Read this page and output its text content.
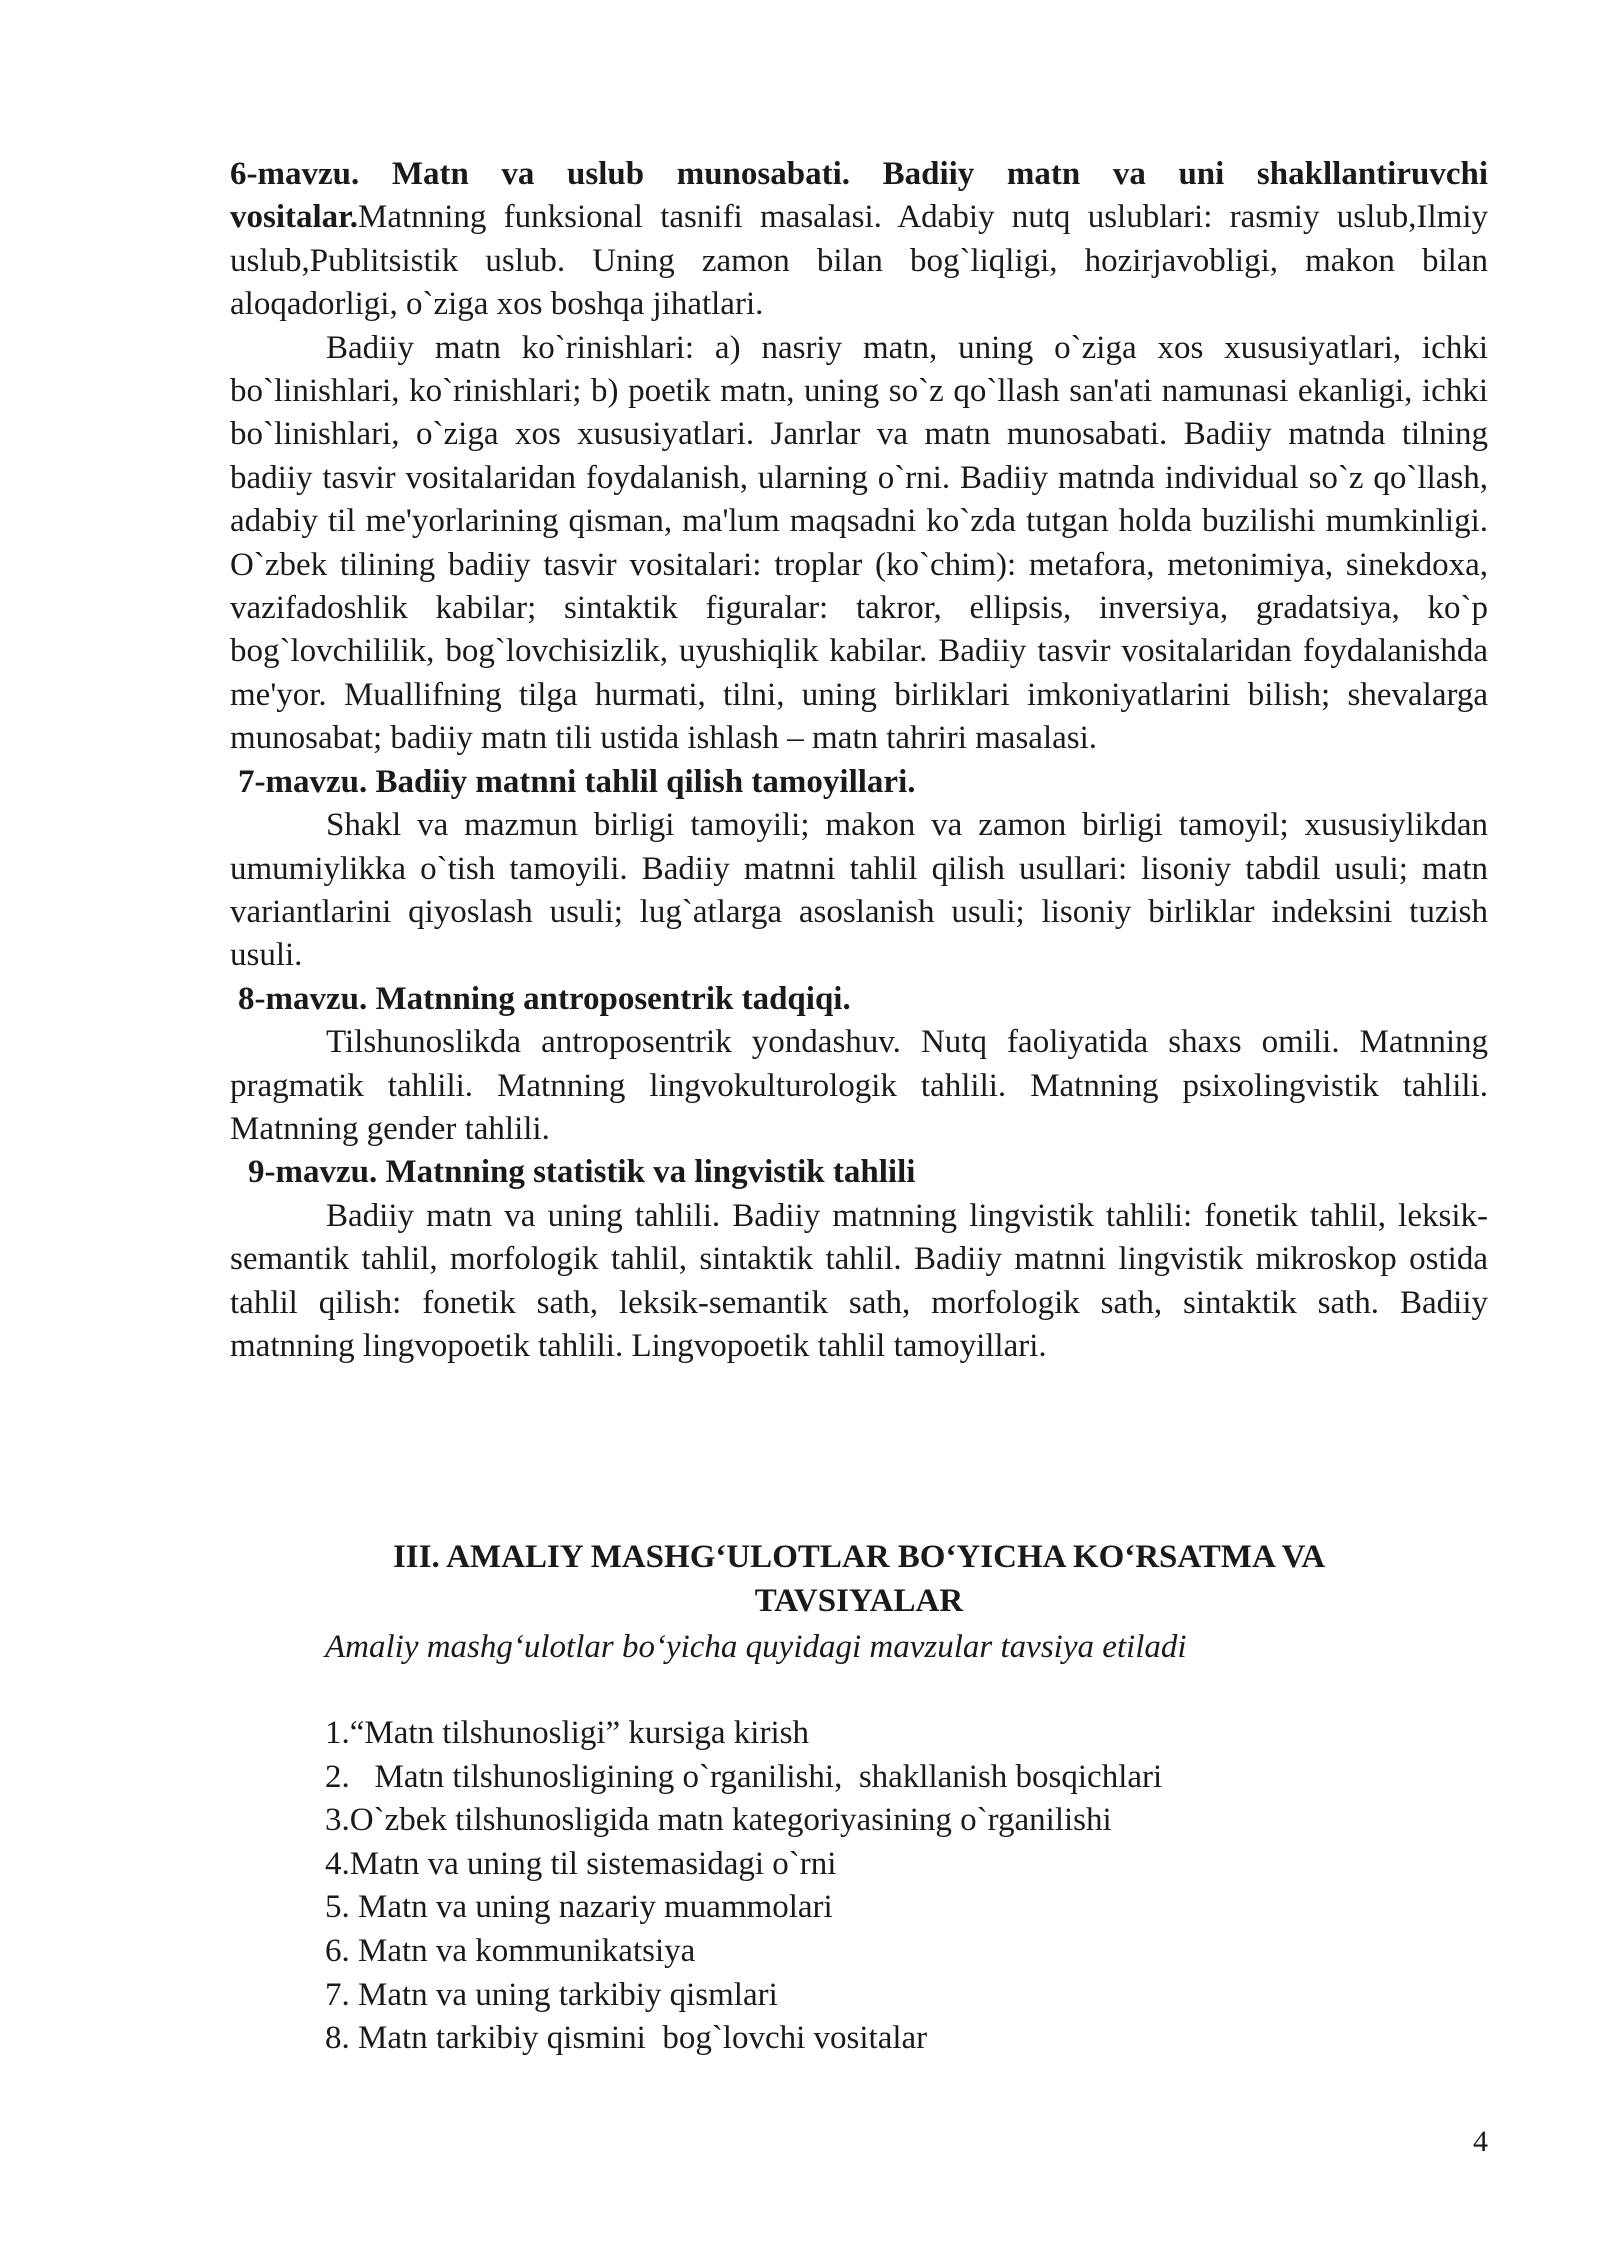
6-mavzu. Matn va uslub munosabati. Badiiy matn va uni shakllantiruvchi vositalar.Matnning funksional tasnifi masalasi. Adabiy nutq uslublari: rasmiy uslub,Ilmiy uslub,Publitsistik uslub. Uning zamon bilan bog`liqligi, hozirjavobligi, makon bilan aloqadorligi, o`ziga xos boshqa jihatlari.

Badiiy matn ko`rinishlari: a) nasriy matn, uning o`ziga xos xususiyatlari, ichki bo`linishlari, ko`rinishlari; b) poetik matn, uning so`z qo`llash san'ati namunasi ekanligi, ichki bo`linishlari, o`ziga xos xususiyatlari. Janrlar va matn munosabati. Badiiy matnda tilning badiiy tasvir vositalaridan foydalanish, ularning o`rni. Badiiy matnda individual so`z qo`llash, adabiy til me'yorlarining qisman, ma'lum maqsadni ko`zda tutgan holda buzilishi mumkinligi. O`zbek tilining badiiy tasvir vositalari: troplar (ko`chim): metafora, metonimiya, sinekdoxa, vazifadoshlik kabilar; sintaktik figuralar: takror, ellipsis, inversiya, gradatsiya, ko`p bog`lovchililik, bog`lovchisizlik, uyushiqlik kabilar. Badiiy tasvir vositalaridan foydalanishda me'yor. Muallifning tilga hurmati, tilni, uning birliklari imkoniyatlarini bilish; shevalarga munosabat; badiiy matn tili ustida ishlash – matn tahriri masalasi.

7-mavzu. Badiiy matnni tahlil qilish tamoyillari.

Shakl va mazmun birligi tamoyili; makon va zamon birligi tamoyil; xususiylikdan umumiylikka o`tish tamoyili. Badiiy matnni tahlil qilish usullari: lisoniy tabdil usuli; matn variantlarini qiyoslash usuli; lug`atlarga asoslanish usuli; lisoniy birliklar indeksini tuzish usuli.

8-mavzu. Matnning antroposentrik tadqiqi.

Tilshunoslikda antroposentrik yondashuv. Nutq faoliyatida shaxs omili. Matnning pragmatik tahlili. Matnning lingvokulturologik tahlili. Matnning psixolingvistik tahlili. Matnning gender tahlili.

9-mavzu. Matnning statistik va lingvistik tahlili

Badiiy matn va uning tahlili. Badiiy matnning lingvistik tahlili: fonetik tahlil, leksik-semantik tahlil, morfologik tahlil, sintaktik tahlil. Badiiy matnni lingvistik mikroskop ostida tahlil qilish: fonetik sath, leksik-semantik sath, morfologik sath, sintaktik sath. Badiiy matnning lingvopoetik tahlili. Lingvopoetik tahlil tamoyillari.

III. AMALIY MASHG‘ULOTLAR BO‘YICHA KO‘RSATMA VA
TAVSIYALAR
Amaliy mashg‘ulotlar bo‘yicha quyidagi mavzular tavsiya etiladi
1.“Matn tilshunosligi” kursiga kirish
2.   Matn tilshunosligining o`rganilishi,  shakllanish bosqichlari
3.O`zbek tilshunosligida matn kategoriyasining o`rganilishi
4.Matn va uning til sistemasidagi o`rni
5. Matn va uning nazariy muammolari
6. Matn va kommunikatsiya
7. Matn va uning tarkibiy qismlari
8. Matn tarkibiy qismini  bog`lovchi vositalar
4
